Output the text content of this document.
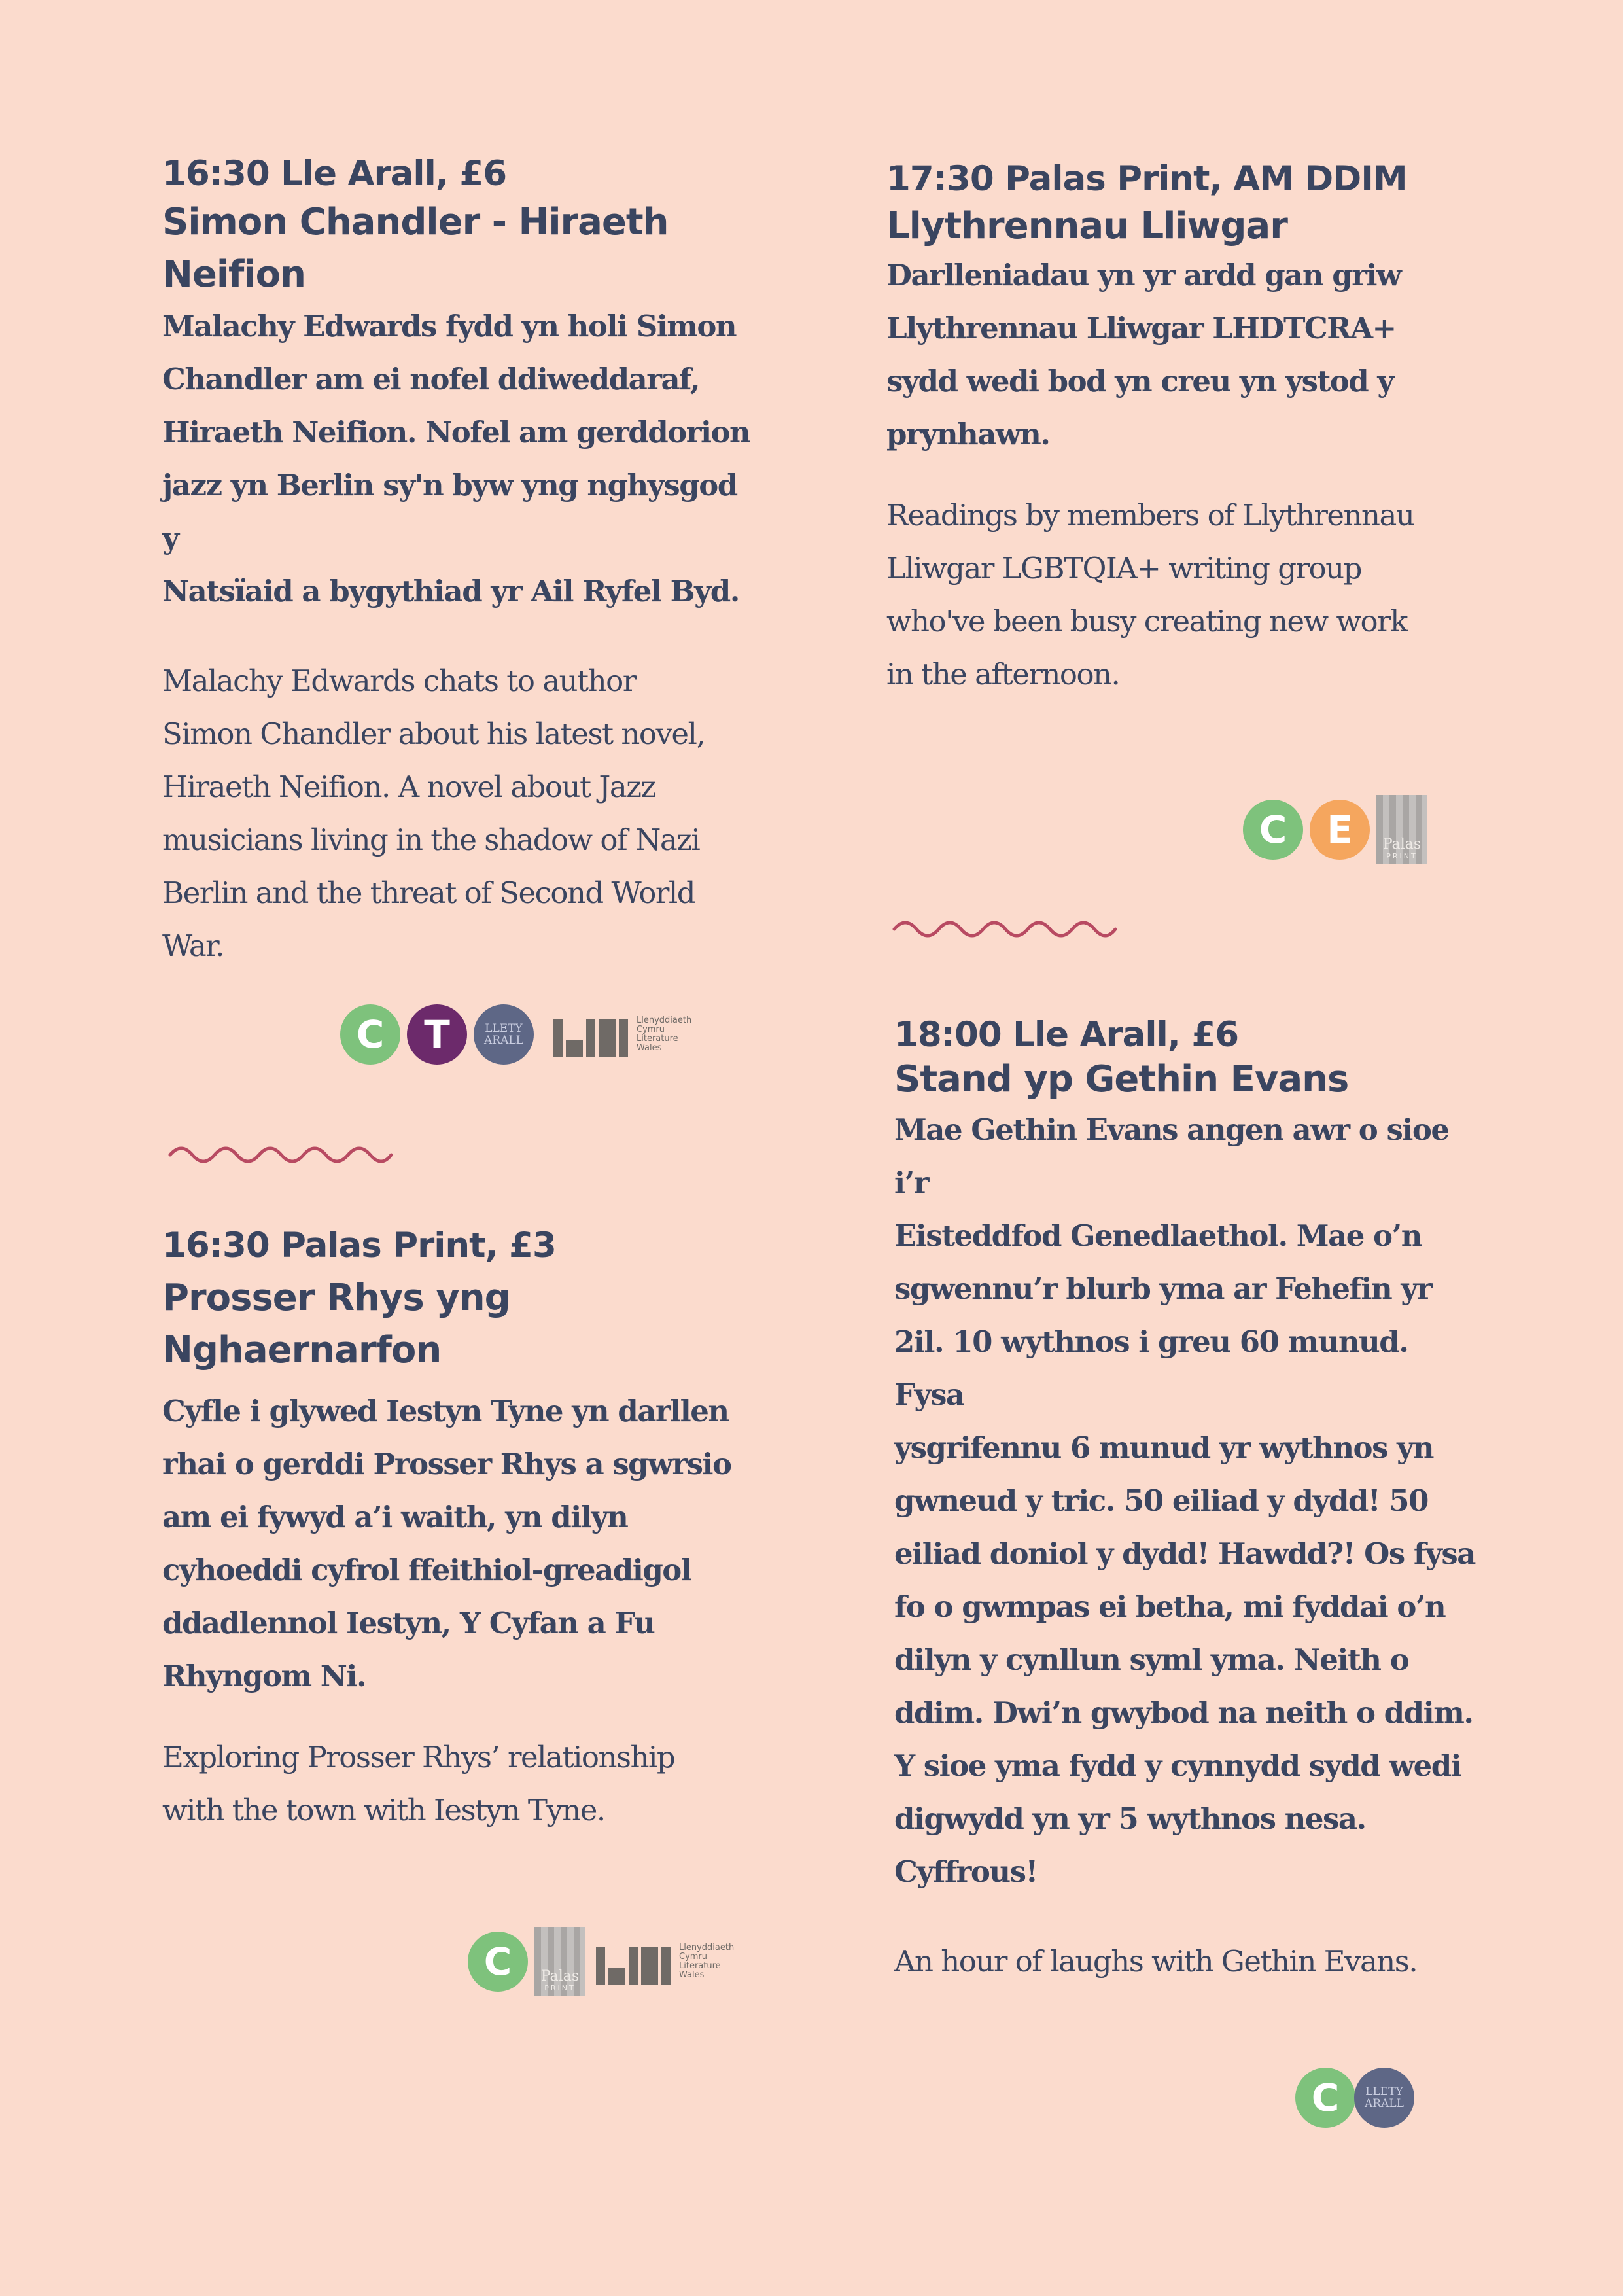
16:30 Lle Arall, £6
Simon Chandler - Hiraeth
Neifion
Malachy Edwards fydd yn holi Simon
Chandler am ei nofel ddiweddaraf,
Hiraeth Neifion. Nofel am gerddorion
jazz yn Berlin sy'n byw yng nghysgod y
Natsïaid a bygythiad yr Ail Ryfel Byd.
Malachy Edwards chats to author
Simon Chandler about his latest novel,
Hiraeth Neifion. A novel about Jazz
musicians living in the shadow of Nazi
Berlin and the threat of Second World
War.
C	T	LLETY
ARALL
Llenyddiaeth
Cymru
Literature
Wales
16:30 Palas Print, £3
Prosser Rhys yng
Nghaernarfon
Cyfle i glywed Iestyn Tyne yn darllen
rhai o gerddi Prosser Rhys a sgwrsio
am ei fywyd a’i waith, yn dilyn
cyhoeddi cyfrol ffeithiol-greadigol
ddadlennol Iestyn, Y Cyfan a Fu
Rhyngom Ni.
Exploring Prosser Rhys’ relationship
with the town with Iestyn Tyne.
C	Palas
PRINT
Llenyddiaeth
Cymru
Literature
Wales
17:30 Palas Print, AM DDIM
Llythrennau Lliwgar
Darlleniadau yn yr ardd gan griw
Llythrennau Lliwgar LHDTCRA+
sydd wedi bod yn creu yn ystod y
prynhawn.
Readings by members of Llythrennau
Lliwgar LGBTQIA+ writing group
who've been busy creating new work
in the afternoon.
C	E	Palas
PRINT
18:00 Lle Arall, £6
Stand yp Gethin Evans
Mae Gethin Evans angen awr o sioe i’r
Eisteddfod Genedlaethol. Mae o’n
sgwennu’r blurb yma ar Fehefin yr
2il. 10 wythnos i greu 60 munud. Fysa
ysgrifennu 6 munud yr wythnos yn
gwneud y tric. 50 eiliad y dydd! 50
eiliad doniol y dydd! Hawdd?! Os fysa
fo o gwmpas ei betha, mi fyddai o’n
dilyn y cynllun syml yma. Neith o
ddim. Dwi’n gwybod na neith o ddim.
Y sioe yma fydd y cynnydd sydd wedi
digwydd yn yr 5 wythnos nesa.
Cyffrous!
An hour of laughs with Gethin Evans.
C	LLETY
ARALL
